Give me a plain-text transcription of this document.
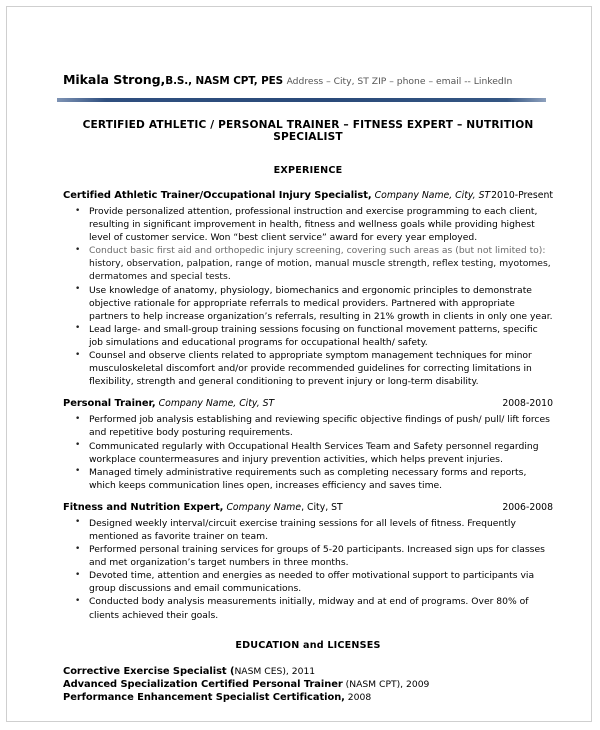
Mikala Strong,B.S., NASM CPT, PES Address – City, ST ZIP – phone – email -- LinkedIn
CERTIFIED ATHLETIC / PERSONAL TRAINER – FITNESS EXPERT – NUTRITION SPECIALIST
EXPERIENCE
Certified Athletic Trainer/Occupational Injury Specialist, Company Name, City, ST 2010-Present
• Provide personalized attention, professional instruction and exercise programming to each client, resulting in significant improvement in health, fitness and wellness goals while providing highest level of customer service. Won “best client service” award for every year employed.
• Conduct basic first aid and orthopedic injury screening, covering such areas as (but not limited to): history, observation, palpation, range of motion, manual muscle strength, reflex testing, myotomes, dermatomes and special tests.
• Use knowledge of anatomy, physiology, biomechanics and ergonomic principles to demonstrate objective rationale for appropriate referrals to medical providers. Partnered with appropriate partners to help increase organization’s referrals, resulting in 21% growth in clients in only one year.
• Lead large- and small-group training sessions focusing on functional movement patterns, specific job simulations and educational programs for occupational health/ safety.
• Counsel and observe clients related to appropriate symptom management techniques for minor musculoskeletal discomfort and/or provide recommended guidelines for correcting limitations in flexibility, strength and general conditioning to prevent injury or long-term disability.
Personal Trainer, Company Name, City, ST	2008-2010
• Performed job analysis establishing and reviewing specific objective findings of push/ pull/ lift forces and repetitive body posturing requirements.
• Communicated regularly with Occupational Health Services Team and Safety personnel regarding workplace countermeasures and injury prevention activities, which helps prevent injuries.
• Managed timely administrative requirements such as completing necessary forms and reports, which keeps communication lines open, increases efficiency and saves time.
Fitness and Nutrition Expert, Company Name, City, ST	2006-2008
• Designed weekly interval/circuit exercise training sessions for all levels of fitness. Frequently mentioned as favorite trainer on team.
• Performed personal training services for groups of 5-20 participants. Increased sign ups for classes and met organization’s target numbers in three months.
• Devoted time, attention and energies as needed to offer motivational support to participants via group discussions and email communications.
• Conducted body analysis measurements initially, midway and at end of programs. Over 80% of clients achieved their goals.
EDUCATION and LICENSES
Corrective Exercise Specialist (NASM CES), 2011
Advanced Specialization Certified Personal Trainer (NASM CPT), 2009
Performance Enhancement Specialist Certification, 2008
